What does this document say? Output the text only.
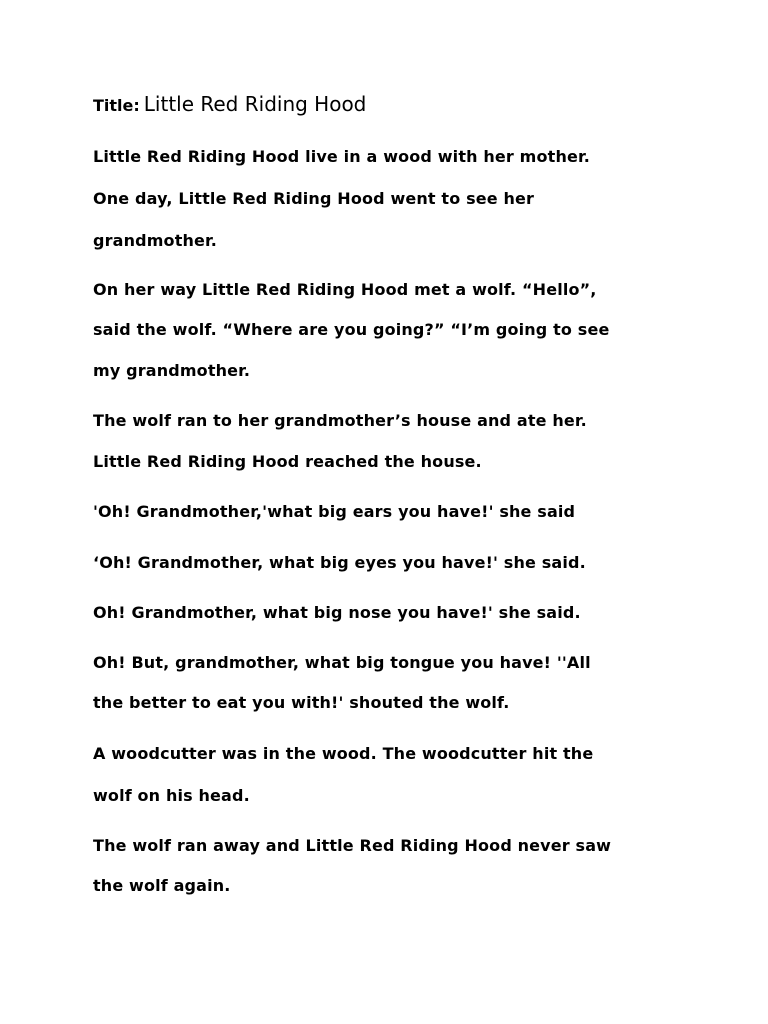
Title: Little Red Riding Hood
Little Red Riding Hood live in a wood with her mother.
One day, Little Red Riding Hood went to see her
grandmother.
On her way Little Red Riding Hood met a wolf. “Hello”,
said the wolf. “Where are you going?” “I’m going to see
my grandmother.
The wolf ran to her grandmother’s house and ate her.
Little Red Riding Hood reached the house.
'Oh! Grandmother,'what big ears you have!' she said
‘Oh! Grandmother, what big eyes you have!' she said.
Oh! Grandmother, what big nose you have!' she said.
Oh! But, grandmother, what big tongue you have! ''All
the better to eat you with!' shouted the wolf.
A woodcutter was in the wood. The woodcutter hit the
wolf on his head.
The wolf ran away and Little Red Riding Hood never saw
the wolf again.
